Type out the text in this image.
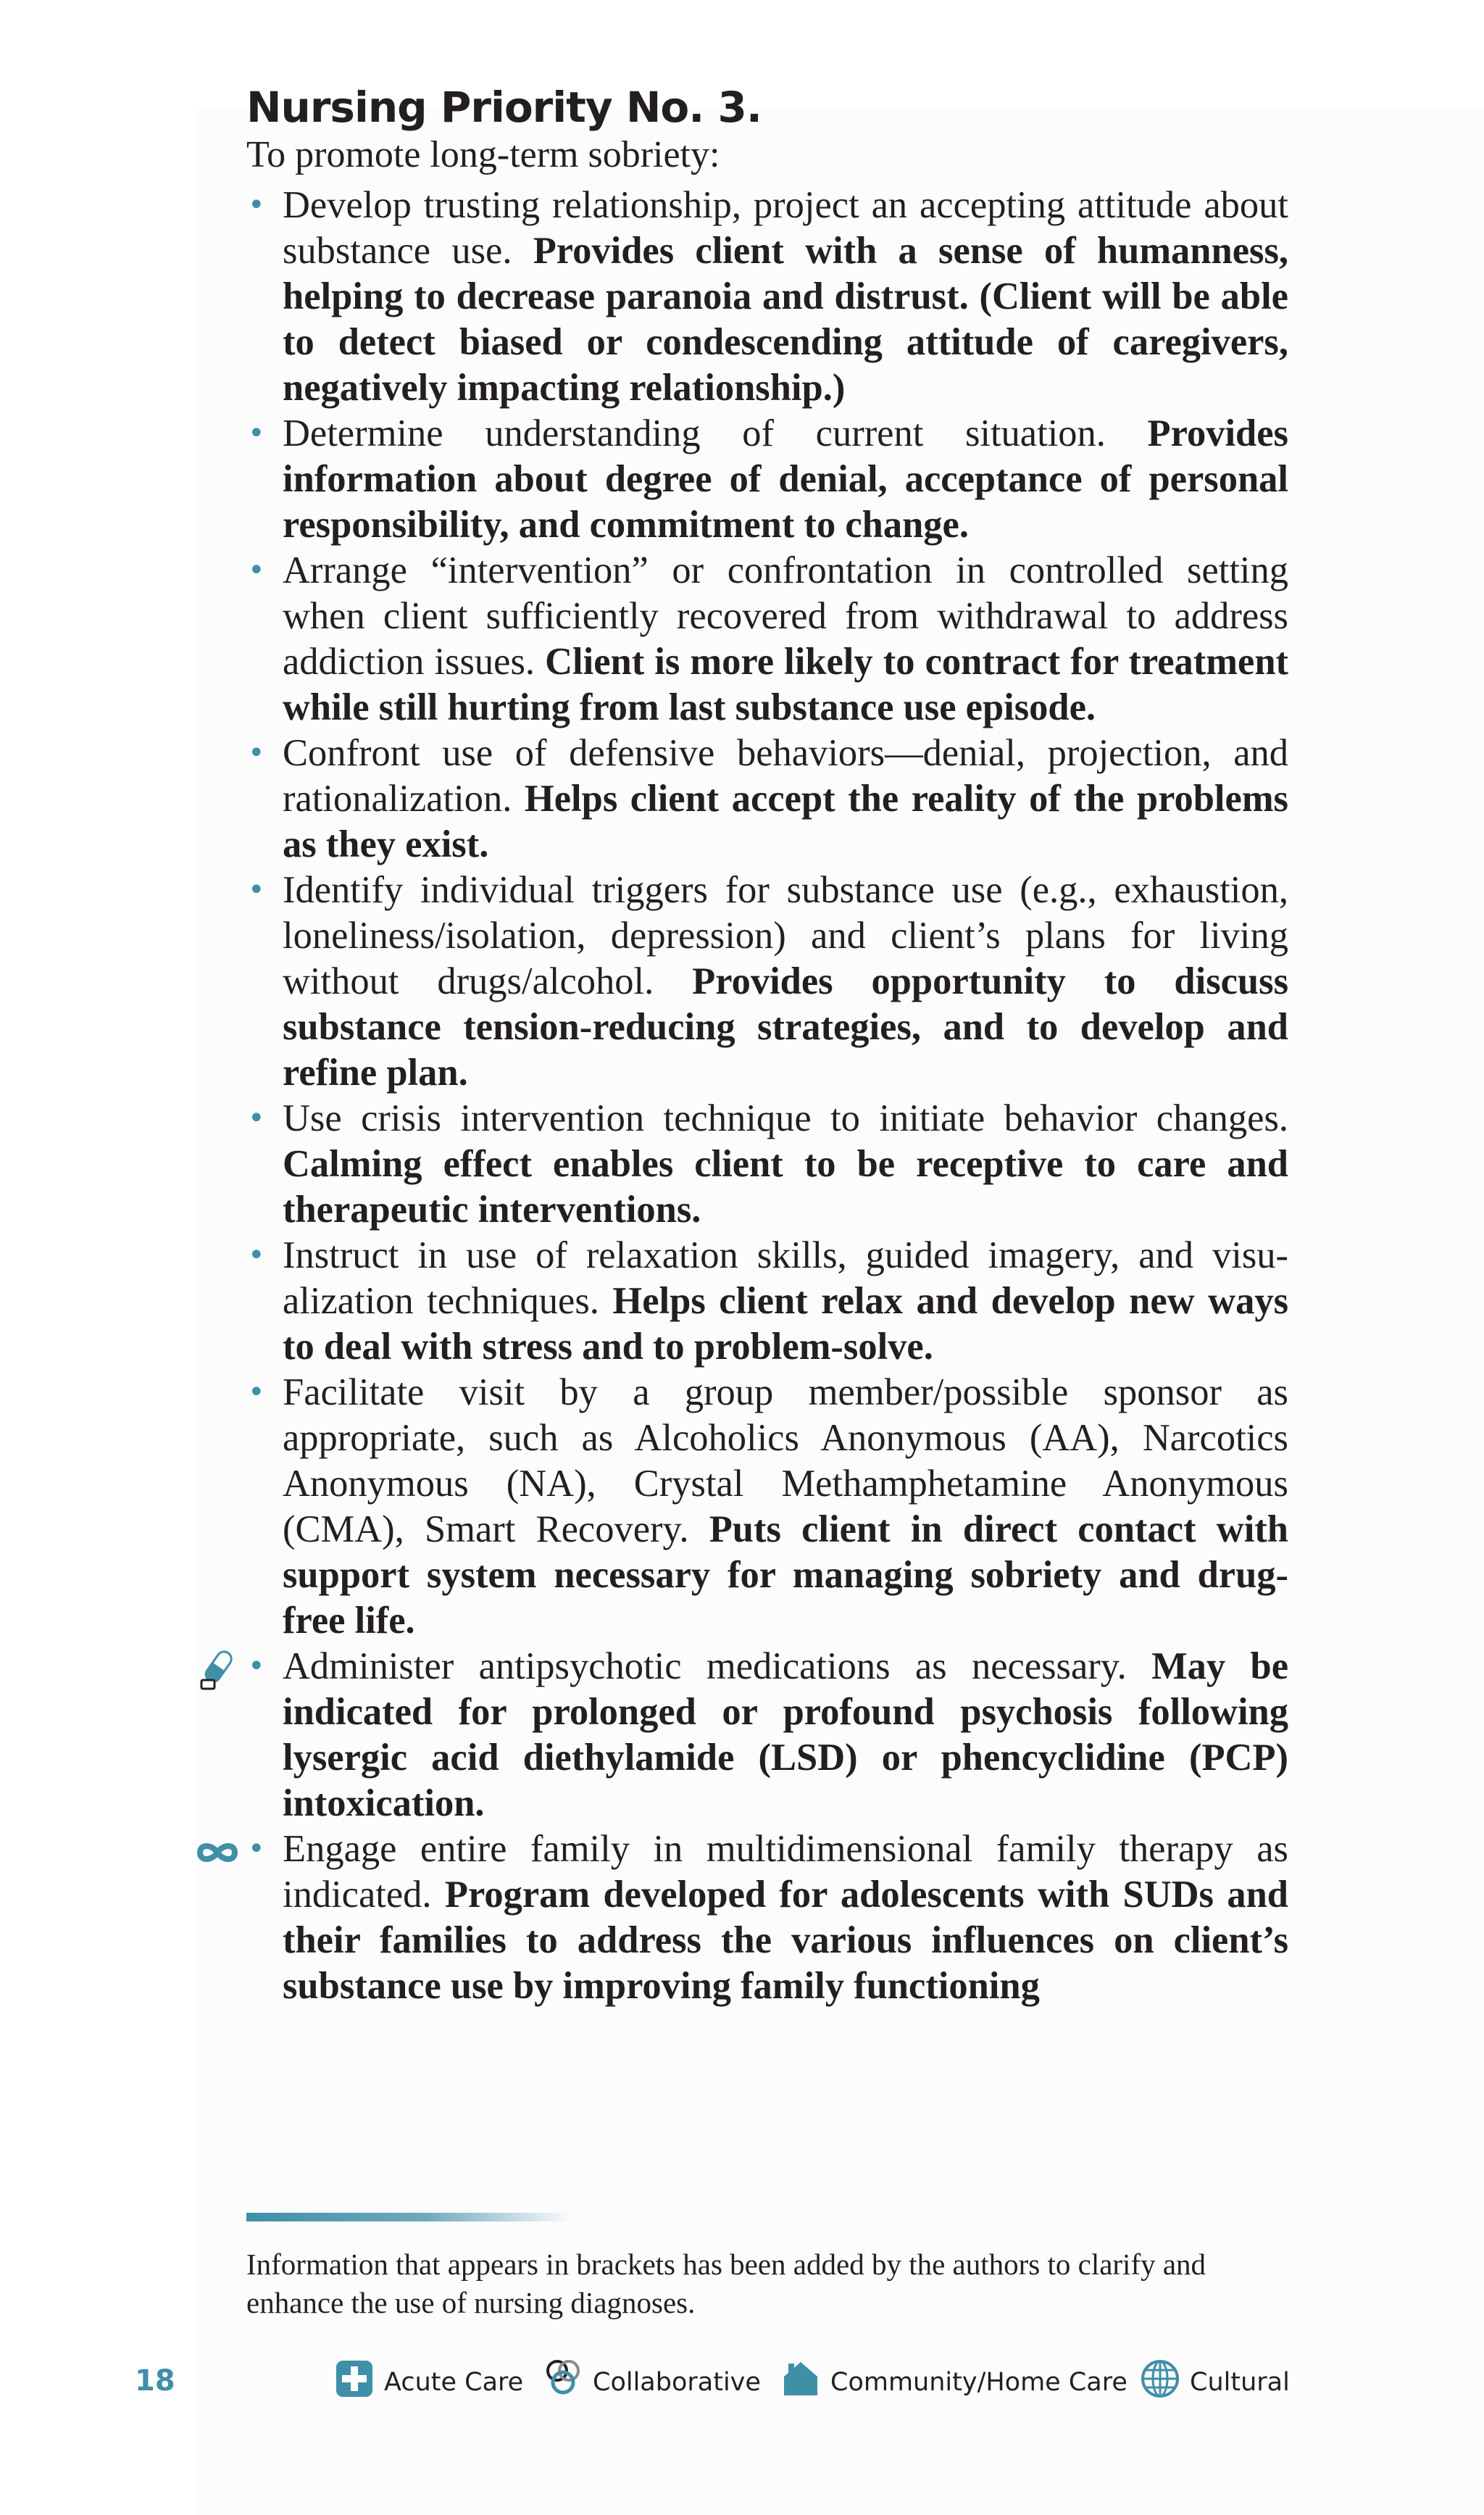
Nursing Priority No. 3.

To promote long-term sobriety:

• Develop trusting relationship, project an accepting attitude about substance use. Provides client with a sense of humanness, helping to decrease paranoia and distrust. (Client will be able to detect biased or condescending attitude of caregivers, negatively impacting relationship.)
• Determine understanding of current situation. Provides information about degree of denial, acceptance of personal responsibility, and commitment to change.
• Arrange “intervention” or confrontation in controlled setting when client sufficiently recovered from withdrawal to address addiction issues. Client is more likely to contract for treatment while still hurting from last substance use episode.
• Confront use of defensive behaviors—denial, projection, and rationalization. Helps client accept the reality of the problems as they exist.
• Identify individual triggers for substance use (e.g., exhaustion, loneliness/isolation, depression) and client’s plans for living without drugs/alcohol. Provides opportunity to discuss substance tension-reducing strategies, and to develop and refine plan.
• Use crisis intervention technique to initiate behavior changes. Calming effect enables client to be receptive to care and therapeutic interventions.
• Instruct in use of relaxation skills, guided imagery, and visualization techniques. Helps client relax and develop new ways to deal with stress and to problem-solve.
• Facilitate visit by a group member/possible sponsor as appropriate, such as Alcoholics Anonymous (AA), Narcotics Anonymous (NA), Crystal Methamphetamine Anonymous (CMA), Smart Recovery. Puts client in direct contact with support system necessary for managing sobriety and drug-free life.
• Administer antipsychotic medications as necessary. May be indicated for prolonged or profound psychosis following lysergic acid diethylamide (LSD) or phencyclidine (PCP) intoxication.
• Engage entire family in multidimensional family therapy as indicated. Program developed for adolescents with SUDs and their families to address the various influences on client’s substance use by improving family functioning

Information that appears in brackets has been added by the authors to clarify and enhance the use of nursing diagnoses.

18	Acute Care	Collaborative	Community/Home Care Cultural
